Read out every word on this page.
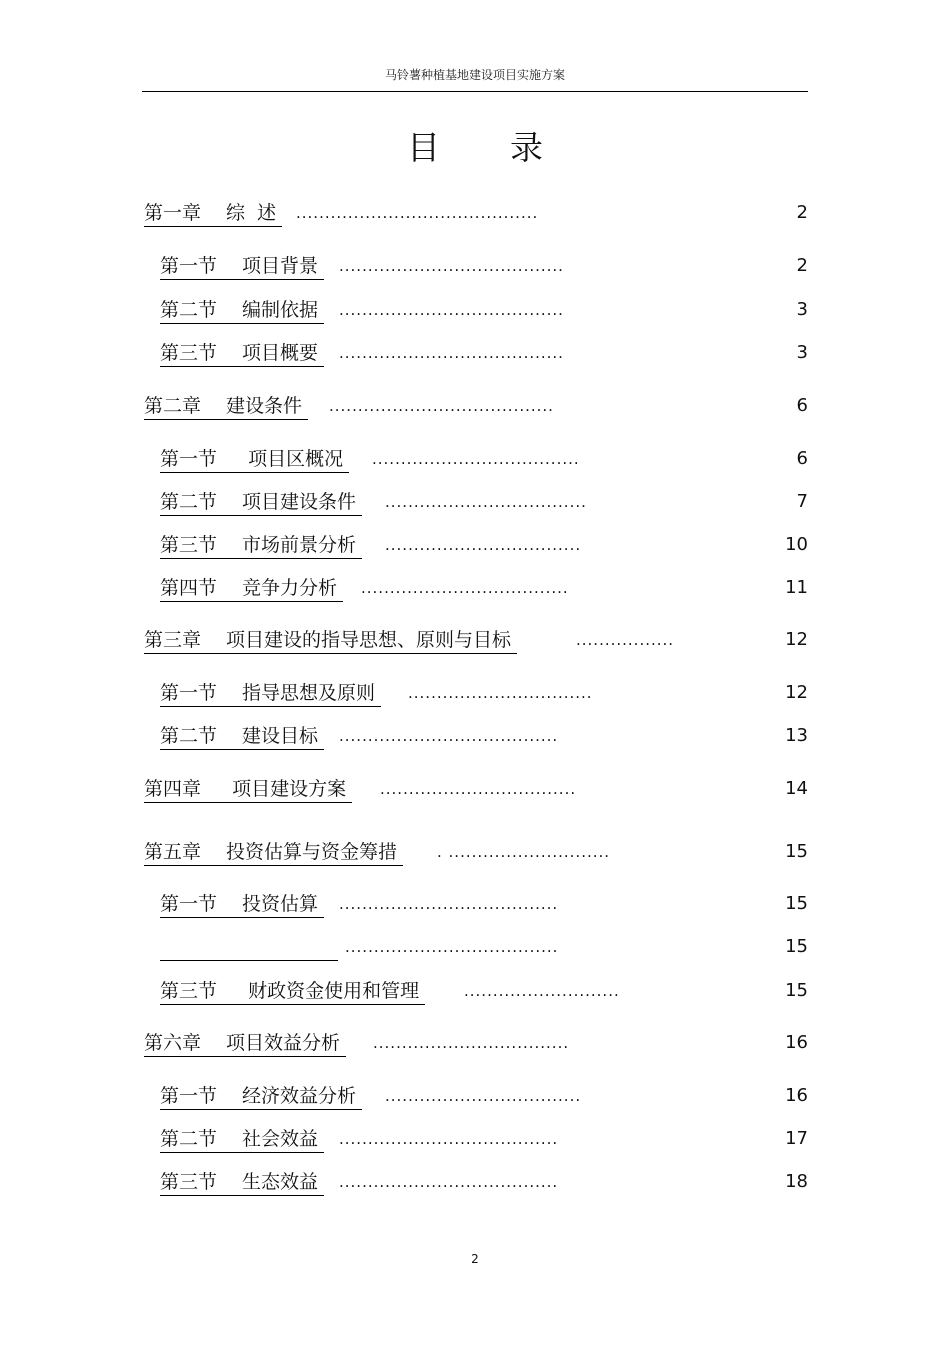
马铃薯种植基地建设项目实施方案
目录
第一章　 综  述 ..........................................	2
第一节　 项目背景 .......................................	2
第二节　 编制依据 .......................................	3
第三节　 项目概要 .......................................	3
第二章　 建设条件 .......................................	6
第一节　  项目区概况 ....................................	6
第二节　 项目建设条件 ...................................	7
第三节　 市场前景分析 ..................................	10
第四节　 竞争力分析 ....................................	11
第三章　 项目建设的指导思想、原则与目标	.................	12
第一节　 指导思想及原则 ................................	12
第二节　 建设目标 ......................................	13
第四章　  项目建设方案 ..................................	14
第五章　 投资估算与资金筹措 . ............................	15
第一节　 投资估算 ......................................	15
.....................................	15
第三节　  财政资金使用和管理	...........................	15
第六章　 项目效益分析 ..................................	16
第一节　 经济效益分析 ..................................	16
第二节　 社会效益 ......................................	17
第三节　 生态效益 ......................................	18
2
